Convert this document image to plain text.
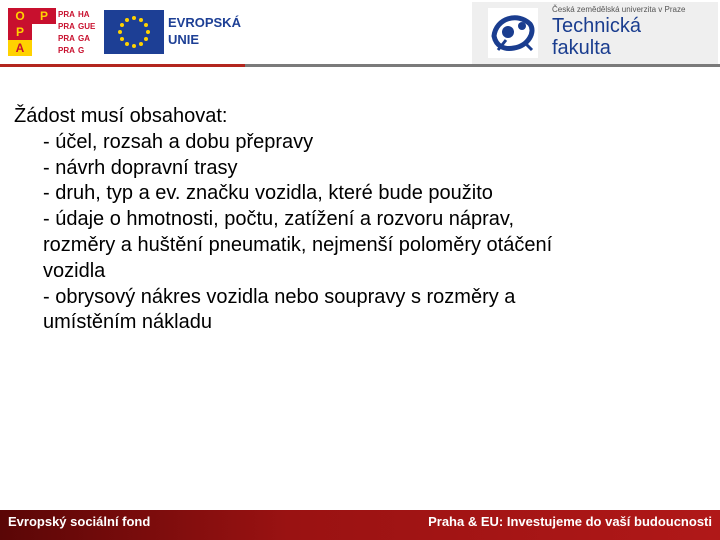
O	P
P
A
PRA HA
PRA GUE
PRA GA
PRA G
EVROPSKÁ
UNIE
Česká zemědělská univerzita v Praze
Technická
fakulta

Žádost musí obsahovat:

- účel, rozsah a dobu přepravy

- návrh dopravní trasy

- druh, typ a ev. značku vozidla, které bude použito

- údaje o hmotnosti, počtu, zatížení a rozvoru náprav,

rozměry a huštění pneumatik, nejmenší poloměry otáčení

vozidla

- obrysový nákres vozidla nebo soupravy s rozměry a

umístěním nákladu

Evropský sociální fond	Praha & EU: Investujeme do vaší budoucnosti
